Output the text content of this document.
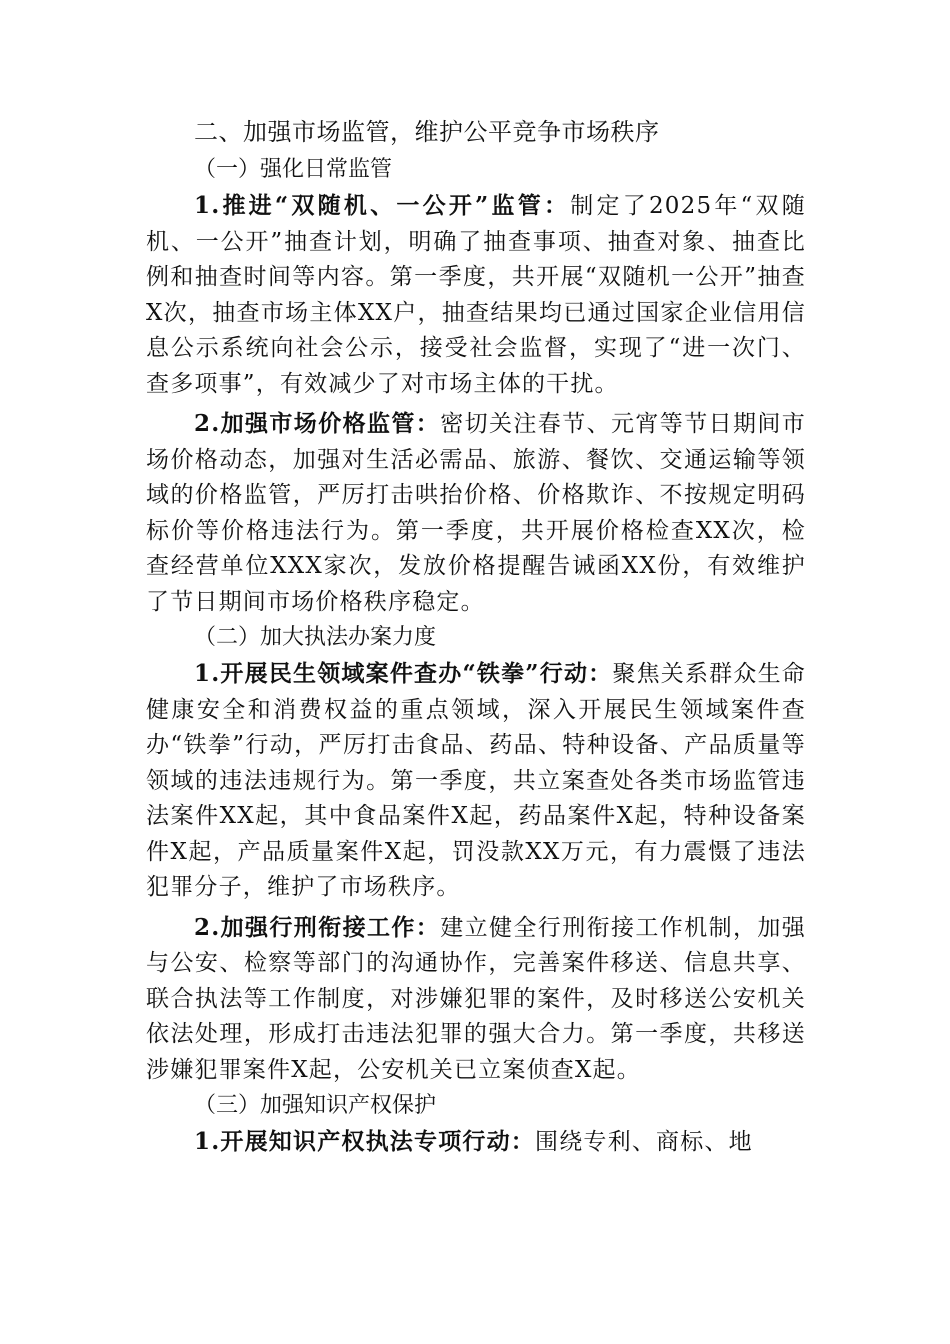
二、加强市场监管，维护公平竞争市场秩序
（一）强化日常监管

1.推进“双随机、一公开”监管：制定了2025年“双随机、一公开”抽查计划，明确了抽查事项、抽查对象、抽查比例和抽查时间等内容。第一季度，共开展“双随机一公开”抽查X次，抽查市场主体XX户，抽查结果均已通过国家企业信用信息公示系统向社会公示，接受社会监督，实现了“进一次门、查多项事”，有效减少了对市场主体的干扰。

2.加强市场价格监管：密切关注春节、元宵等节日期间市场价格动态，加强对生活必需品、旅游、餐饮、交通运输等领域的价格监管，严厉打击哄抬价格、价格欺诈、不按规定明码标价等价格违法行为。第一季度，共开展价格检查XX次，检查经营单位XXX家次，发放价格提醒告诫函XX份，有效维护了节日期间市场价格秩序稳定。

（二）加大执法办案力度

1.开展民生领域案件查办“铁拳”行动：聚焦关系群众生命健康安全和消费权益的重点领域，深入开展民生领域案件查办“铁拳”行动，严厉打击食品、药品、特种设备、产品质量等领域的违法违规行为。第一季度，共立案查处各类市场监管违法案件XX起，其中食品案件X起，药品案件X起，特种设备案件X起，产品质量案件X起，罚没款XX万元，有力震慑了违法犯罪分子，维护了市场秩序。

2.加强行刑衔接工作：建立健全行刑衔接工作机制，加强与公安、检察等部门的沟通协作，完善案件移送、信息共享、联合执法等工作制度，对涉嫌犯罪的案件，及时移送公安机关依法处理，形成打击违法犯罪的强大合力。第一季度，共移送涉嫌犯罪案件X起，公安机关已立案侦查X起。

（三）加强知识产权保护

1.开展知识产权执法专项行动：围绕专利、商标、地
